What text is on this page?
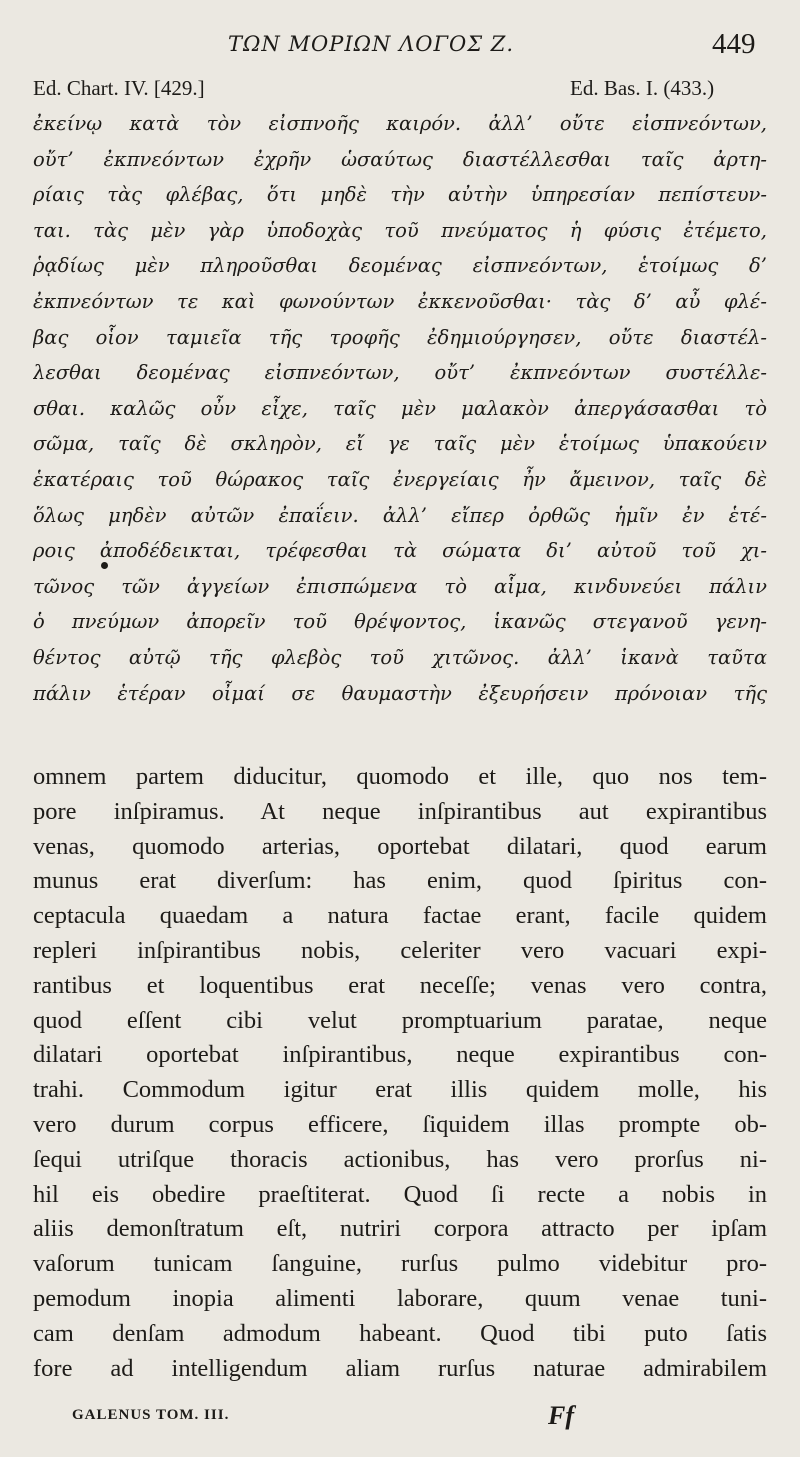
ΤΩΝ ΜΟΡΙΩΝ ΛΟΓΟΣ Ζ.	449
Ed. Chart. IV. [429.]	Ed. Bas. I. (433.)
ἐκείνῳ κατὰ τὸν εἰσπνοῆς καιρόν. ἀλλ’ οὔτε εἰσπνεόντων,
οὔτ’ ἐκπνεόντων ἐχρῆν ὡσαύτως διαστέλλεσθαι ταῖς ἀρτη-
ρίαις τὰς φλέβας, ὅτι μηδὲ τὴν αὐτὴν ὑπηρεσίαν πεπίστευν-
ται. τὰς μὲν γὰρ ὑποδοχὰς τοῦ πνεύματος ἡ φύσις ἐτέμετο,
ῥᾳδίως μὲν πληροῦσθαι δεομένας εἰσπνεόντων, ἑτοίμως δ’
ἐκπνεόντων τε καὶ φωνούντων ἐκκενοῦσθαι· τὰς δ’ αὖ φλέ-
βας οἷον ταμιεῖα τῆς τροφῆς ἐδημιούργησεν, οὔτε διαστέλ-
λεσθαι δεομένας εἰσπνεόντων, οὔτ’ ἐκπνεόντων συστέλλε-
σθαι. καλῶς οὖν εἶχε, ταῖς μὲν μαλακὸν ἀπεργάσασθαι τὸ
σῶμα, ταῖς δὲ σκληρὸν, εἴ γε ταῖς μὲν ἑτοίμως ὑπακούειν
ἑκατέραις τοῦ θώρακος ταῖς ἐνεργείαις ἦν ἄμεινον, ταῖς δὲ
ὅλως μηδὲν αὐτῶν ἐπαΐειν. ἀλλ’ εἴπερ ὀρθῶς ἡμῖν ἐν ἑτέ-
ροις ἀποδέδεικται, τρέφεσθαι τὰ σώματα δι’ αὐτοῦ τοῦ χι-
τῶνος τῶν ἀγγείων ἐπισπώμενα τὸ αἷμα, κινδυνεύει πάλιν
ὁ πνεύμων ἀπορεῖν τοῦ θρέψοντος, ἱκανῶς στεγανοῦ γενη-
θέντος αὐτῷ τῆς φλεβὸς τοῦ χιτῶνος. ἀλλ’ ἱκανὰ ταῦτα
πάλιν ἑτέραν οἶμαί σε θαυμαστὴν ἐξευρήσειν πρόνοιαν τῆς
omnem partem diducitur, quomodo et ille, quo nos tem-
pore inſpiramus. At neque inſpirantibus aut expirantibus
venas, quomodo arterias, oportebat dilatari, quod earum
munus erat diverſum: has enim, quod ſpiritus con-
ceptacula quaedam a natura factae erant, facile quidem
repleri inſpirantibus nobis, celeriter vero vacuari expi-
rantibus et loquentibus erat neceſſe; venas vero contra,
quod eſſent cibi velut promptuarium paratae, neque
dilatari oportebat inſpirantibus, neque expirantibus con-
trahi. Commodum igitur erat illis quidem molle, his
vero durum corpus efficere, ſiquidem illas prompte ob-
ſequi utriſque thoracis actionibus, has vero prorſus ni-
hil eis obedire praeſtiterat. Quod ſi recte a nobis in
aliis demonſtratum eſt, nutriri corpora attracto per ipſam
vaſorum tunicam ſanguine, rurſus pulmo videbitur pro-
pemodum inopia alimenti laborare, quum venae tuni-
cam denſam admodum habeant. Quod tibi puto ſatis
fore ad intelligendum aliam rurſus naturae admirabilem
GALENUS TOM. III.	Ff
